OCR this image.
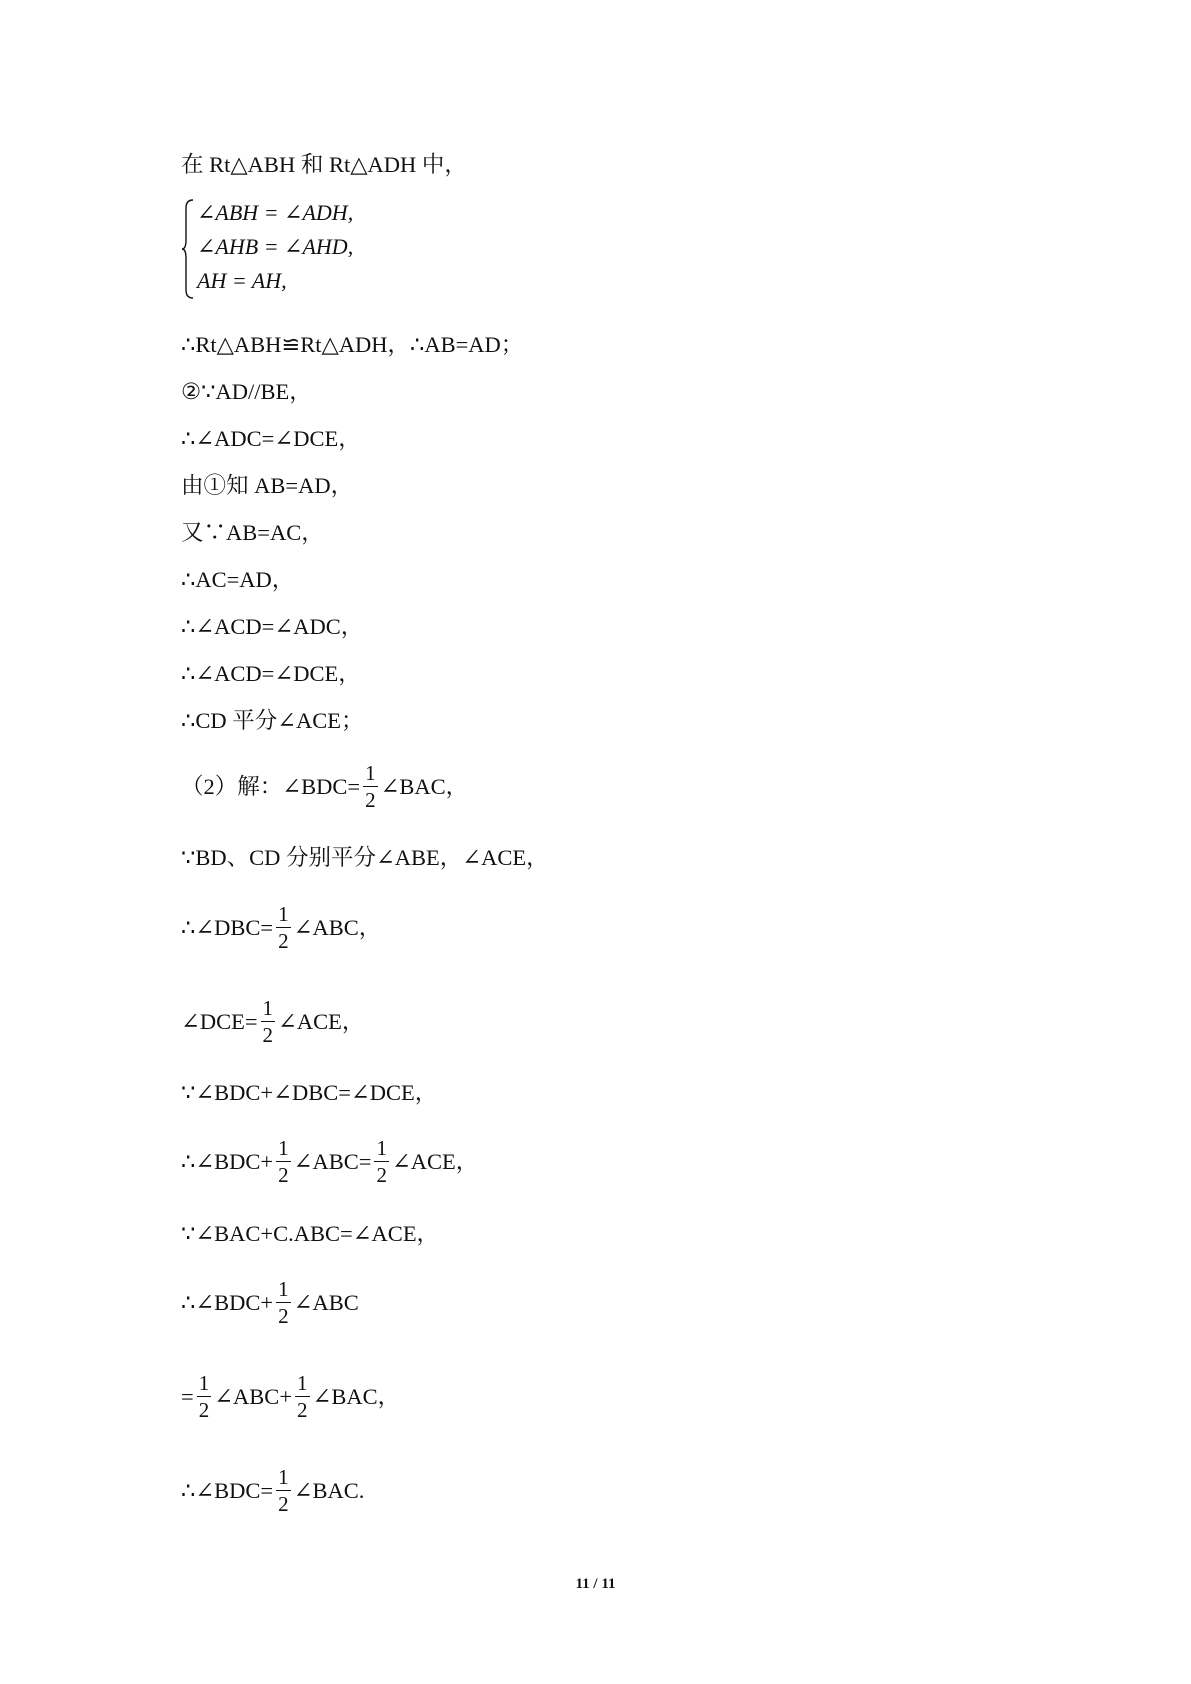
在 Rt△ABH 和 Rt△ADH 中，
∠ABH = ∠ADH,
∠AHB = ∠AHD,
AH = AH,
∴Rt△ABH≌Rt△ADH，∴AB=AD；
②∵AD//BE，
∴∠ADC=∠DCE，
由①知 AB=AD，
又∵AB=AC，
∴AC=AD，
∴∠ACD=∠ADC，
∴∠ACD=∠DCE，
∴CD 平分∠ACE；
（2）解：∠BDC= $\frac{1}{2}$ ∠BAC，
∵BD、CD 分别平分∠ABE，∠ACE，
∴∠DBC= $\frac{1}{2}$ ∠ABC，
∠DCE= $\frac{1}{2}$ ∠ACE，
∵∠BDC+∠DBC=∠DCE，
∴∠BDC+ $\frac{1}{2}$ ∠ABC= $\frac{1}{2}$ ∠ACE，
∵∠BAC+C.ABC=∠ACE，
∴∠BDC+ $\frac{1}{2}$ ∠ABC
= $\frac{1}{2}$ ∠ABC+ $\frac{1}{2}$ ∠BAC，
∴∠BDC= $\frac{1}{2}$ ∠BAC.
11 / 11
